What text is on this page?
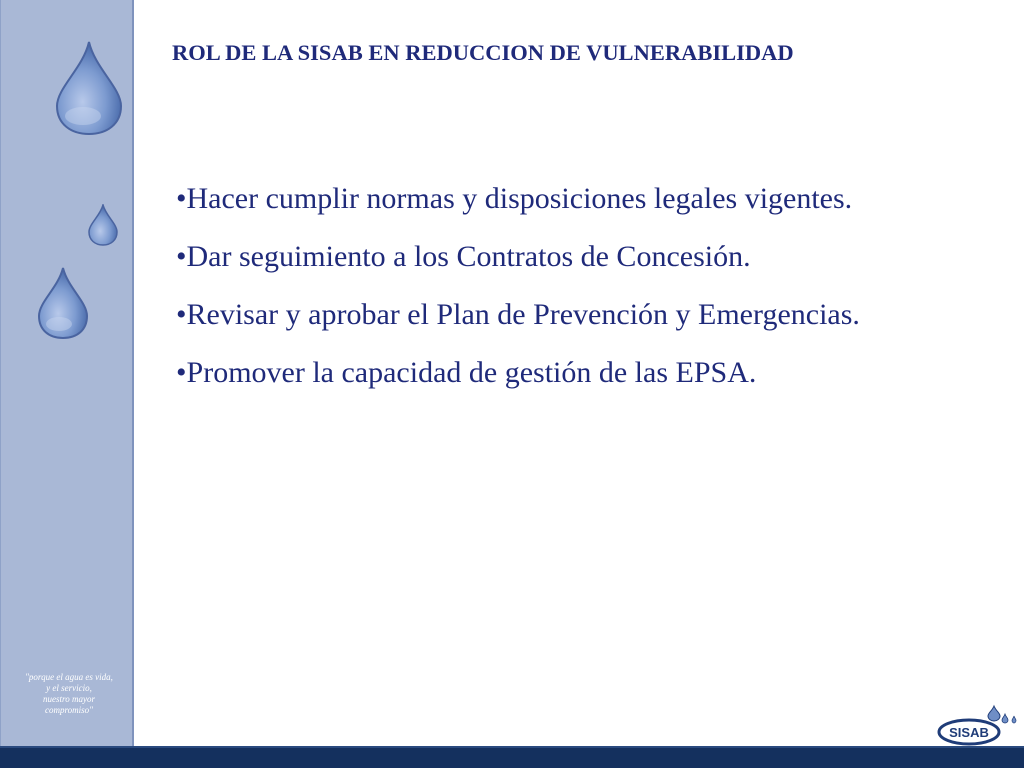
"porque el agua es vida,
y el servicio,
nuestro mayor
compromiso"
ROL DE LA SISAB EN REDUCCION DE VULNERABILIDAD
• Hacer cumplir normas y disposiciones legales vigentes.
• Dar seguimiento a los Contratos de Concesión.
• Revisar y aprobar el Plan de Prevención y Emergencias.
• Promover la capacidad de gestión de las EPSA.
SISAB
